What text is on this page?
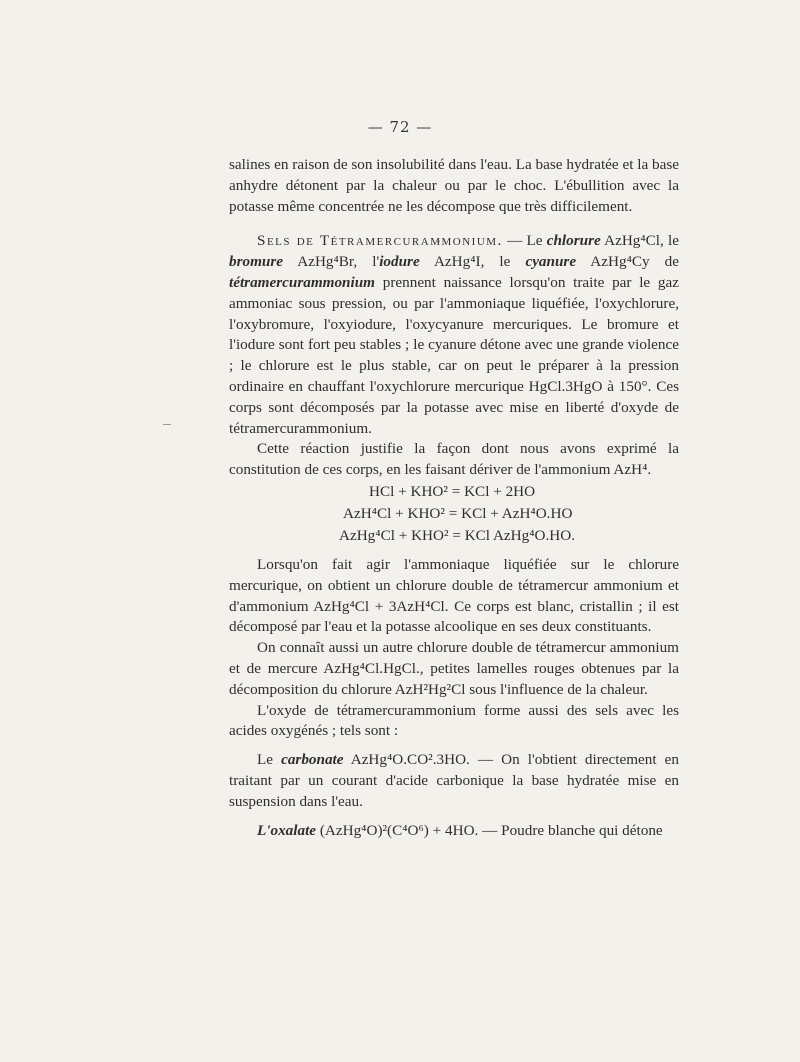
— 72 —

salines en raison de son insolubilité dans l'eau. La base hydratée et la base anhydre détonent par la chaleur ou par le choc. L'ébullition avec la potasse même concentrée ne les décompose que très difficilement.

Sels de Tétramercurammonium. — Le chlorure AzHg⁴Cl, le bromure AzHg⁴Br, l'iodure AzHg⁴I, le cyanure AzHg⁴Cy de tétramercurammonium prennent naissance lorsqu'on traite par le gaz ammoniac sous pression, ou par l'ammoniaque liquéfiée, l'oxychlorure, l'oxybromure, l'oxyiodure, l'oxycyanure mercuriques. Le bromure et l'iodure sont fort peu stables ; le cyanure détone avec une grande violence ; le chlorure est le plus stable, car on peut le préparer à la pression ordinaire en chauffant l'oxychlorure mercurique HgCl.3HgO à 150°. Ces corps sont décomposés par la potasse avec mise en liberté d'oxyde de tétramercurammonium.

Cette réaction justifie la façon dont nous avons exprimé la constitution de ces corps, en les faisant dériver de l'ammonium AzH⁴.

HCl + KHO² = KCl + 2HO
AzH⁴Cl + KHO² = KCl + AzH⁴O.HO
AzHg⁴Cl + KHO² = KCl AzHg⁴O.HO.

Lorsqu'on fait agir l'ammoniaque liquéfiée sur le chlorure mercurique, on obtient un chlorure double de tétramercur ammonium et d'ammonium AzHg⁴Cl + 3AzH⁴Cl. Ce corps est blanc, cristallin ; il est décomposé par l'eau et la potasse alcoolique en ses deux constituants.

On connaît aussi un autre chlorure double de tétramercur ammonium et de mercure AzHg⁴Cl.HgCl., petites lamelles rouges obtenues par la décomposition du chlorure AzH²Hg²Cl sous l'influence de la chaleur.

L'oxyde de tétramercurammonium forme aussi des sels avec les acides oxygénés ; tels sont :

Le carbonate AzHg⁴O.CO².3HO. — On l'obtient directement en traitant par un courant d'acide carbonique la base hydratée mise en suspension dans l'eau.

L'oxalate (AzHg⁴O)²(C⁴O⁶) + 4HO. — Poudre blanche qui détone
